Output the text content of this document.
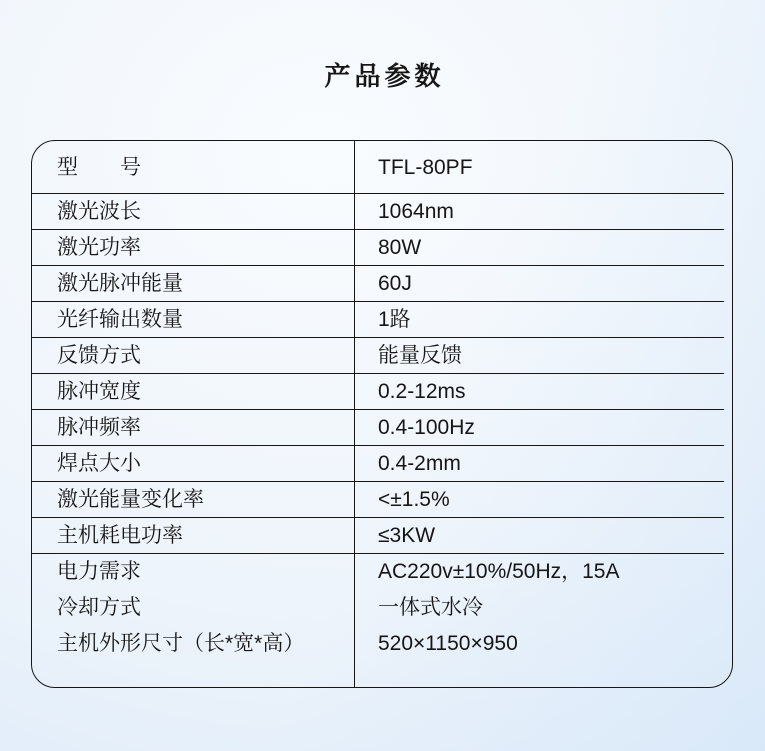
产品参数
型　　号	TFL-80PF
激光波长	1064nm
激光功率	80W
激光脉冲能量	60J
光纤输出数量	1路
反馈方式	能量反馈
脉冲宽度	0.2-12ms
脉冲频率	0.4-100Hz
焊点大小	0.4-2mm
激光能量变化率	<±1.5%
主机耗电功率	≤3KW
电力需求	AC220v±10%/50Hz，15A
冷却方式	一体式水冷
主机外形尺寸（长*宽*高）	520×1150×950
